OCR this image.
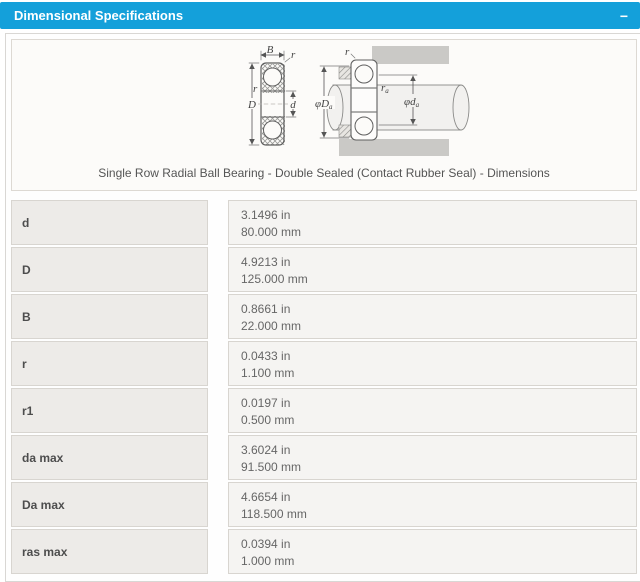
Dimensional Specifications	−
B r
r
D	d
r
ra
φDa	φda
Single Row Radial Ball Bearing - Double Sealed (Contact Rubber Seal) - Dimensions
d
3.1496 in
80.000 mm
D
4.9213 in
125.000 mm
B
0.8661 in
22.000 mm
r
0.0433 in
1.100 mm
r1
0.0197 in
0.500 mm
da max
3.6024 in
91.500 mm
Da max
4.6654 in
118.500 mm
ras max
0.0394 in
1.000 mm
